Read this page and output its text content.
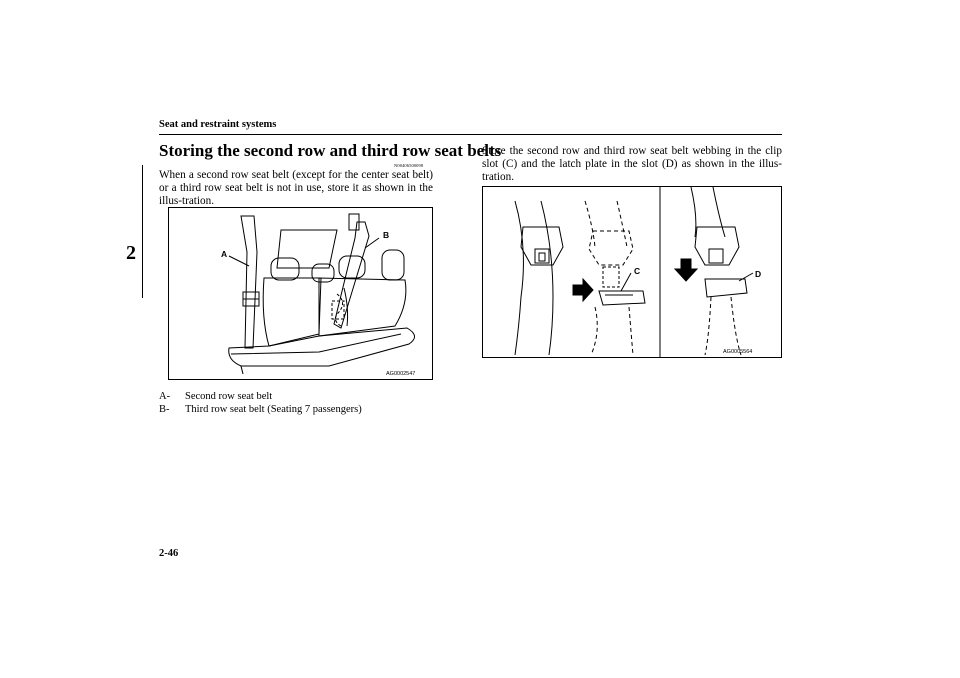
Seat and restraint systems
2
Storing the second row and third row seat belts
N00406500098
When a second row seat belt (except for the center seat belt) or a third row seat belt is not in use, store it as shown in the illus-tration.
A
B
AG0002547
Store the second row and third row seat belt webbing in the clip slot (C) and the latch plate in the slot (D) as shown in the illus-tration.
C	D
AG0005564
A-	Second row seat belt
B-	Third row seat belt (Seating 7 passengers)
2-46
